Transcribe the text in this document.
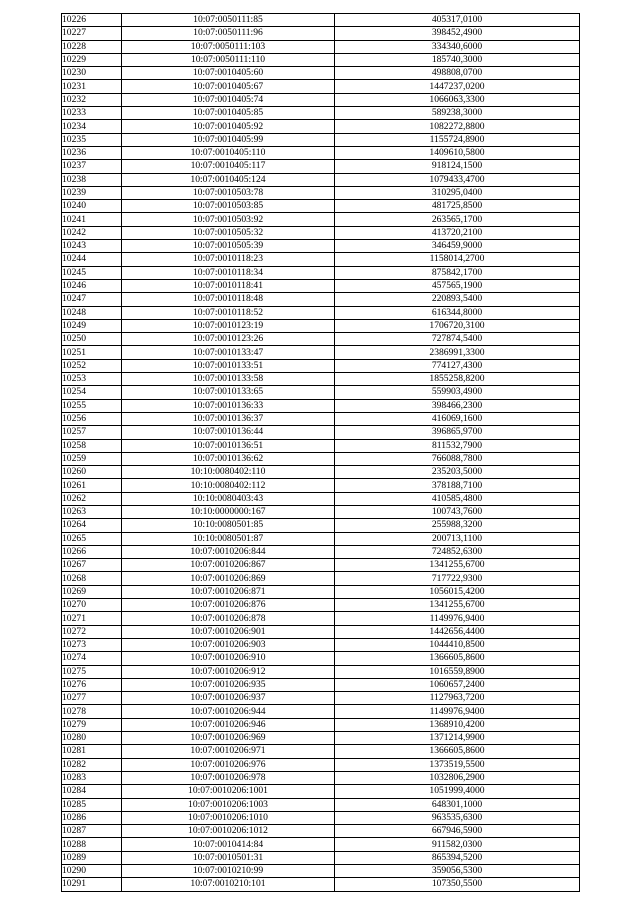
10226	10:07:0050111:85	405317,0100
10227	10:07:0050111:96	398452,4900
10228	10:07:0050111:103	334340,6000
10229	10:07:0050111:110	185740,3000
10230	10:07:0010405:60	498808,0700
10231	10:07:0010405:67	1447237,0200
10232	10:07:0010405:74	1066063,3300
10233	10:07:0010405:85	589238,3000
10234	10:07:0010405:92	1082272,8800
10235	10:07:0010405:99	1155724,8900
10236	10:07:0010405:110	1409610,5800
10237	10:07:0010405:117	918124,1500
10238	10:07:0010405:124	1079433,4700
10239	10:07:0010503:78	310295,0400
10240	10:07:0010503:85	481725,8500
10241	10:07:0010503:92	263565,1700
10242	10:07:0010505:32	413720,2100
10243	10:07:0010505:39	346459,9000
10244	10:07:0010118:23	1158014,2700
10245	10:07:0010118:34	875842,1700
10246	10:07:0010118:41	457565,1900
10247	10:07:0010118:48	220893,5400
10248	10:07:0010118:52	616344,8000
10249	10:07:0010123:19	1706720,3100
10250	10:07:0010123:26	727874,5400
10251	10:07:0010133:47	2386991,3300
10252	10:07:0010133:51	774127,4300
10253	10:07:0010133:58	1855258,8200
10254	10:07:0010133:65	559903,4900
10255	10:07:0010136:33	398466,2300
10256	10:07:0010136:37	416069,1600
10257	10:07:0010136:44	396865,9700
10258	10:07:0010136:51	811532,7900
10259	10:07:0010136:62	766088,7800
10260	10:10:0080402:110	235203,5000
10261	10:10:0080402:112	378188,7100
10262	10:10:0080403:43	410585,4800
10263	10:10:0000000:167	100743,7600
10264	10:10:0080501:85	255988,3200
10265	10:10:0080501:87	200713,1100
10266	10:07:0010206:844	724852,6300
10267	10:07:0010206:867	1341255,6700
10268	10:07:0010206:869	717722,9300
10269	10:07:0010206:871	1056015,4200
10270	10:07:0010206:876	1341255,6700
10271	10:07:0010206:878	1149976,9400
10272	10:07:0010206:901	1442656,4400
10273	10:07:0010206:903	1044410,8500
10274	10:07:0010206:910	1366605,8600
10275	10:07:0010206:912	1016559,8900
10276	10:07:0010206:935	1060657,2400
10277	10:07:0010206:937	1127963,7200
10278	10:07:0010206:944	1149976,9400
10279	10:07:0010206:946	1368910,4200
10280	10:07:0010206:969	1371214,9900
10281	10:07:0010206:971	1366605,8600
10282	10:07:0010206:976	1373519,5500
10283	10:07:0010206:978	1032806,2900
10284	10:07:0010206:1001	1051999,4000
10285	10:07:0010206:1003	648301,1000
10286	10:07:0010206:1010	963535,6300
10287	10:07:0010206:1012	667946,5900
10288	10:07:0010414:84	911582,0300
10289	10:07:0010501:31	865394,5200
10290	10:07:0010210:99	359056,5300
10291	10:07:0010210:101	107350,5500
